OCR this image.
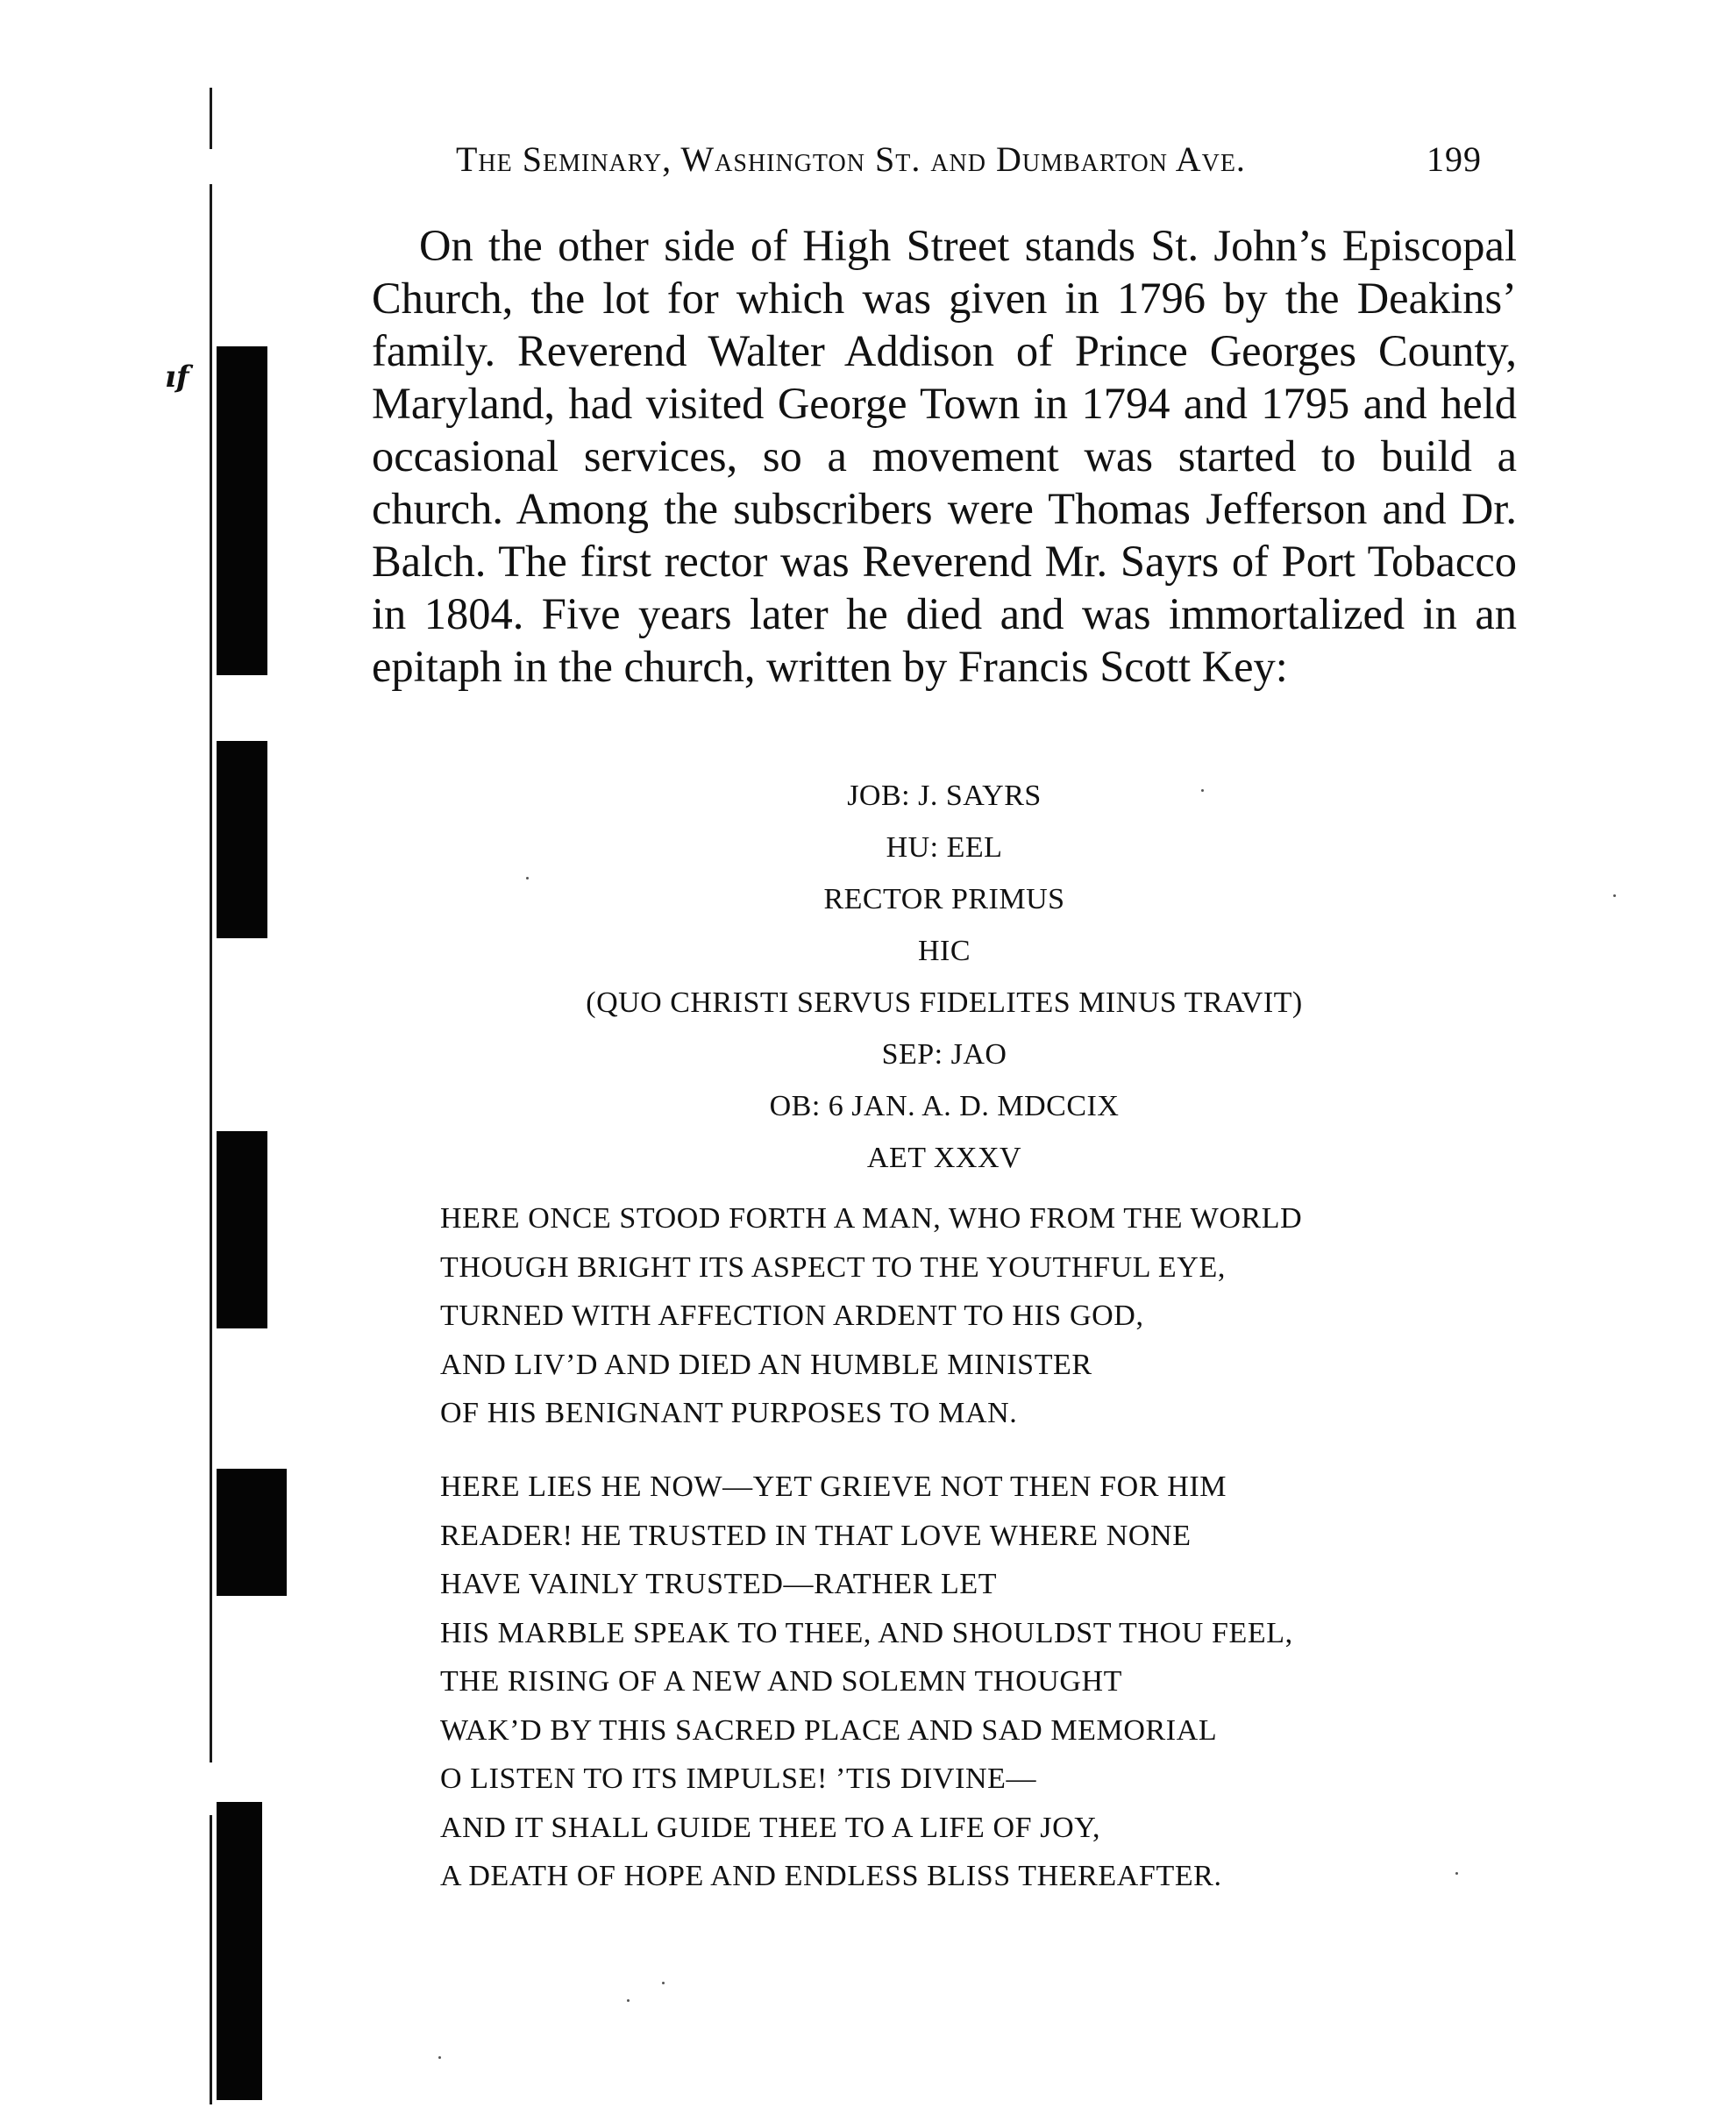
ıf
The Seminary, Washington St. and Dumbarton Ave.	199

On the other side of High Street stands St. John’s Episcopal Church, the lot for which was given in 1796 by the Deakins’ family. Reverend Walter Addison of Prince Georges County, Maryland, had visited George Town in 1794 and 1795 and held occasional services, so a movement was started to build a church. Among the subscribers were Thomas Jefferson and Dr. Balch. The first rector was Reverend Mr. Sayrs of Port Tobacco in 1804. Five years later he died and was immortalized in an epitaph in the church, written by Francis Scott Key:

JOB: J. SAYRS
HU: EEL
RECTOR PRIMUS
HIC
(QUO CHRISTI SERVUS FIDELITES MINUS TRAVIT)
SEP: JAO
OB: 6 JAN. A. D. MDCCIX
AET XXXV
HERE ONCE STOOD FORTH A MAN, WHO FROM THE WORLD
THOUGH BRIGHT ITS ASPECT TO THE YOUTHFUL EYE,
TURNED WITH AFFECTION ARDENT TO HIS GOD,
AND LIV’D AND DIED AN HUMBLE MINISTER
OF HIS BENIGNANT PURPOSES TO MAN.
HERE LIES HE NOW—YET GRIEVE NOT THEN FOR HIM
READER! HE TRUSTED IN THAT LOVE WHERE NONE
HAVE VAINLY TRUSTED—RATHER LET
HIS MARBLE SPEAK TO THEE, AND SHOULDST THOU FEEL,
THE RISING OF A NEW AND SOLEMN THOUGHT
WAK’D BY THIS SACRED PLACE AND SAD MEMORIAL
O LISTEN TO ITS IMPULSE! ’TIS DIVINE—
AND IT SHALL GUIDE THEE TO A LIFE OF JOY,
A DEATH OF HOPE AND ENDLESS BLISS THEREAFTER.
